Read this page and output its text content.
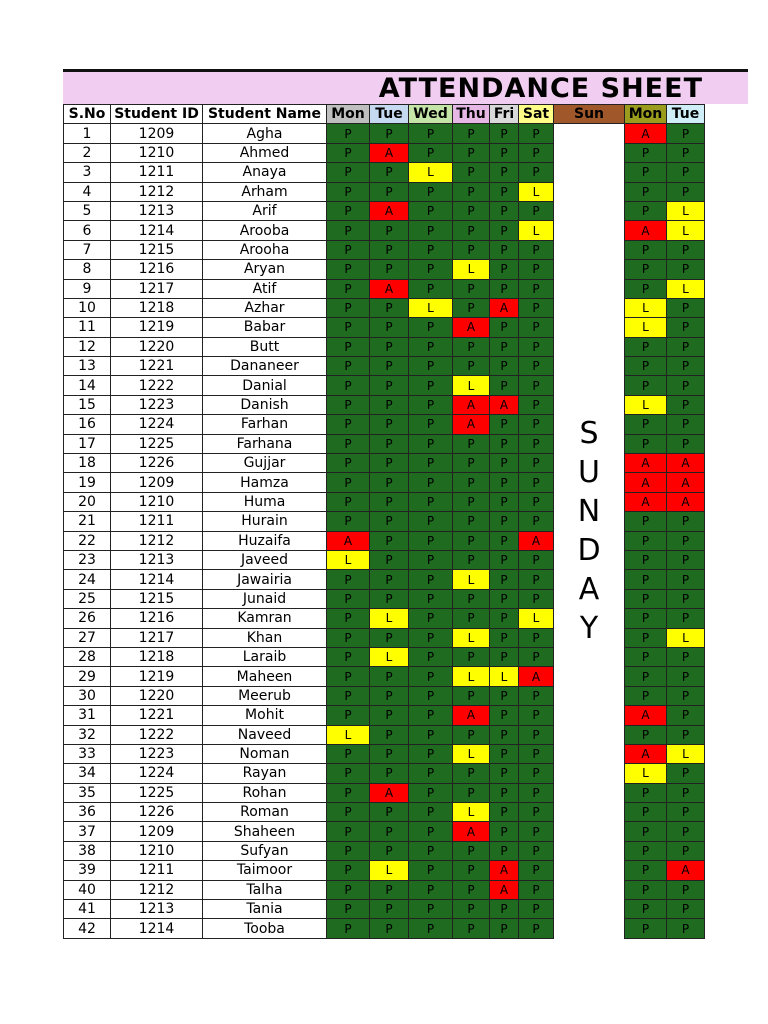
ATTENDANCE SHEET
S.No	Student ID	Student Name	Mon	Tue	Wed	Thu	Fri	Sat	Sun	Mon	Tue
1	1209	Agha	P	P	P	P	P	P	SUNDAY	A	P
2	1210	Ahmed	P	A	P	P	P	P		P	P
3	1211	Anaya	P	P	L	P	P	P		P	P
4	1212	Arham	P	P	P	P	P	L		P	P
5	1213	Arif	P	A	P	P	P	P		P	L
6	1214	Arooba	P	P	P	P	P	L		A	L
7	1215	Arooha	P	P	P	P	P	P		P	P
8	1216	Aryan	P	P	P	L	P	P		P	P
9	1217	Atif	P	A	P	P	P	P		P	L
10	1218	Azhar	P	P	L	P	A	P		L	P
11	1219	Babar	P	P	P	A	P	P		L	P
12	1220	Butt	P	P	P	P	P	P		P	P
13	1221	Dananeer	P	P	P	P	P	P		P	P
14	1222	Danial	P	P	P	L	P	P		P	P
15	1223	Danish	P	P	P	A	A	P		L	P
16	1224	Farhan	P	P	P	A	P	P		P	P
17	1225	Farhana	P	P	P	P	P	P		P	P
18	1226	Gujjar	P	P	P	P	P	P		A	A
19	1209	Hamza	P	P	P	P	P	P		A	A
20	1210	Huma	P	P	P	P	P	P		A	A
21	1211	Hurain	P	P	P	P	P	P		P	P
22	1212	Huzaifa	A	P	P	P	P	A		P	P
23	1213	Javeed	L	P	P	P	P	P		P	P
24	1214	Jawairia	P	P	P	L	P	P		P	P
25	1215	Junaid	P	P	P	P	P	P		P	P
26	1216	Kamran	P	L	P	P	P	L		P	P
27	1217	Khan	P	P	P	L	P	P		P	L
28	1218	Laraib	P	L	P	P	P	P		P	P
29	1219	Maheen	P	P	P	L	L	A		P	P
30	1220	Meerub	P	P	P	P	P	P		P	P
31	1221	Mohit	P	P	P	A	P	P		A	P
32	1222	Naveed	L	P	P	P	P	P		P	P
33	1223	Noman	P	P	P	L	P	P		A	L
34	1224	Rayan	P	P	P	P	P	P		L	P
35	1225	Rohan	P	A	P	P	P	P		P	P
36	1226	Roman	P	P	P	L	P	P		P	P
37	1209	Shaheen	P	P	P	A	P	P		P	P
38	1210	Sufyan	P	P	P	P	P	P		P	P
39	1211	Taimoor	P	L	P	P	A	P		P	A
40	1212	Talha	P	P	P	P	A	P		P	P
41	1213	Tania	P	P	P	P	P	P		P	P
42	1214	Tooba	P	P	P	P	P	P		P	P
